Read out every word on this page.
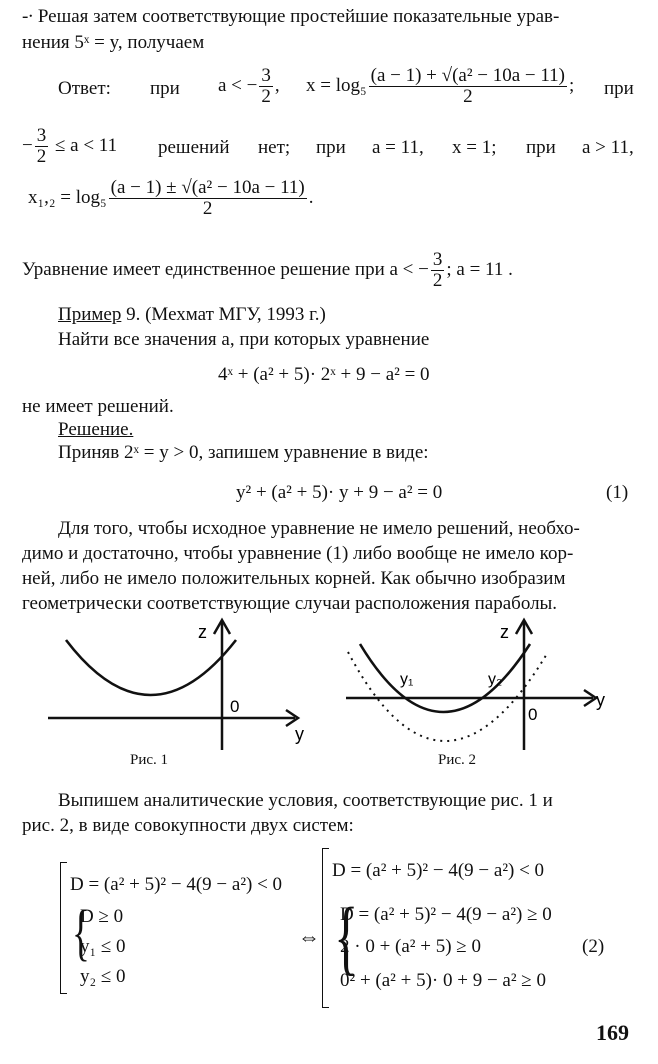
-∙ Решая затем соответствующие простейшие показательные урав-
нения 5ˣ = y, получаем
Ответ: при a < − $\frac{3}{2}$ , $x = \log_5 \frac{\text{(a − 1) + √(a² − 10a − 11)}}{2}$ ; при
− $\frac{3}{2} \le a < 11$ решений нет; при a = 11, x = 1; при a > 11,
$x_1,_2 = \log_5 \frac{\text{(a − 1) ± √(a² − 10a − 11)}}{2}$ .
Уравнение имеет единственное решение при a < − $\frac{3}{2}$ ; a = 11 .
Пример 9. (Мехмат МГУ, 1993 г.)
Найти все значения a, при которых уравнение
4ˣ + (a² + 5)· 2ˣ + 9 − a² = 0
не имеет решений.
Решение.
Приняв 2ˣ = y > 0, запишем уравнение в виде:
y² + (a² + 5)· y + 9 − a² = 0	(1)
Для того, чтобы исходное уравнение не имело решений, необхо-
димо и достаточно, чтобы уравнение (1) либо вообще не имело кор-
ней, либо не имело положительных корней. Как обычно изобразим
геометрически соответствующие случаи расположения параболы.
z
0
y
Рис. 1
z
y₁	y₂
0
y
Рис. 2
Выпишем аналитические условия, соответствующие рис. 1 и
рис. 2, в виде совокупности двух систем:
{
D = (a² + 5)² − 4(9 − a²) < 0
D ≥ 0
y₁ ≤ 0
y₂ ≤ 0
⇔ {
D = (a² + 5)² − 4(9 − a²) < 0
D = (a² + 5)² − 4(9 − a²) ≥ 0
2 · 0 + (a² + 5) ≥ 0
0² + (a² + 5)· 0 + 9 − a² ≥ 0
(2)
169
